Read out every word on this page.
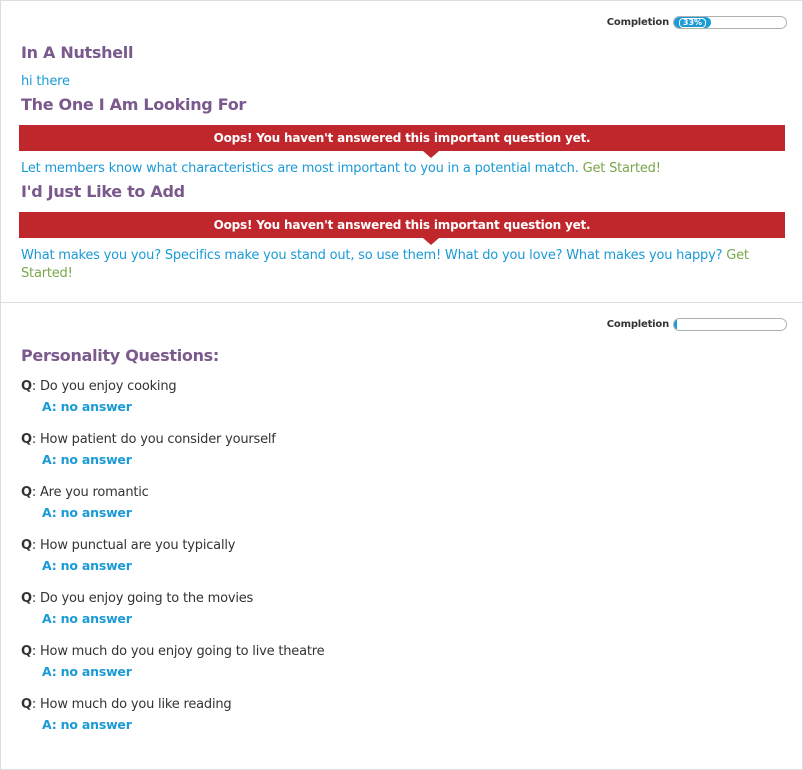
Completion	33%
In A Nutshell
hi there
The One I Am Looking For
Oops! You haven't answered this important question yet.
Let members know what characteristics are most important to you in a potential match. Get Started!
I'd Just Like to Add
Oops! You haven't answered this important question yet.
What makes you you? Specifics make you stand out, so use them! What do you love? What makes you happy? Get Started!
Completion
Personality Questions:
Q: Do you enjoy cooking
A: no answer
Q: How patient do you consider yourself
A: no answer
Q: Are you romantic
A: no answer
Q: How punctual are you typically
A: no answer
Q: Do you enjoy going to the movies
A: no answer
Q: How much do you enjoy going to live theatre
A: no answer
Q: How much do you like reading
A: no answer
